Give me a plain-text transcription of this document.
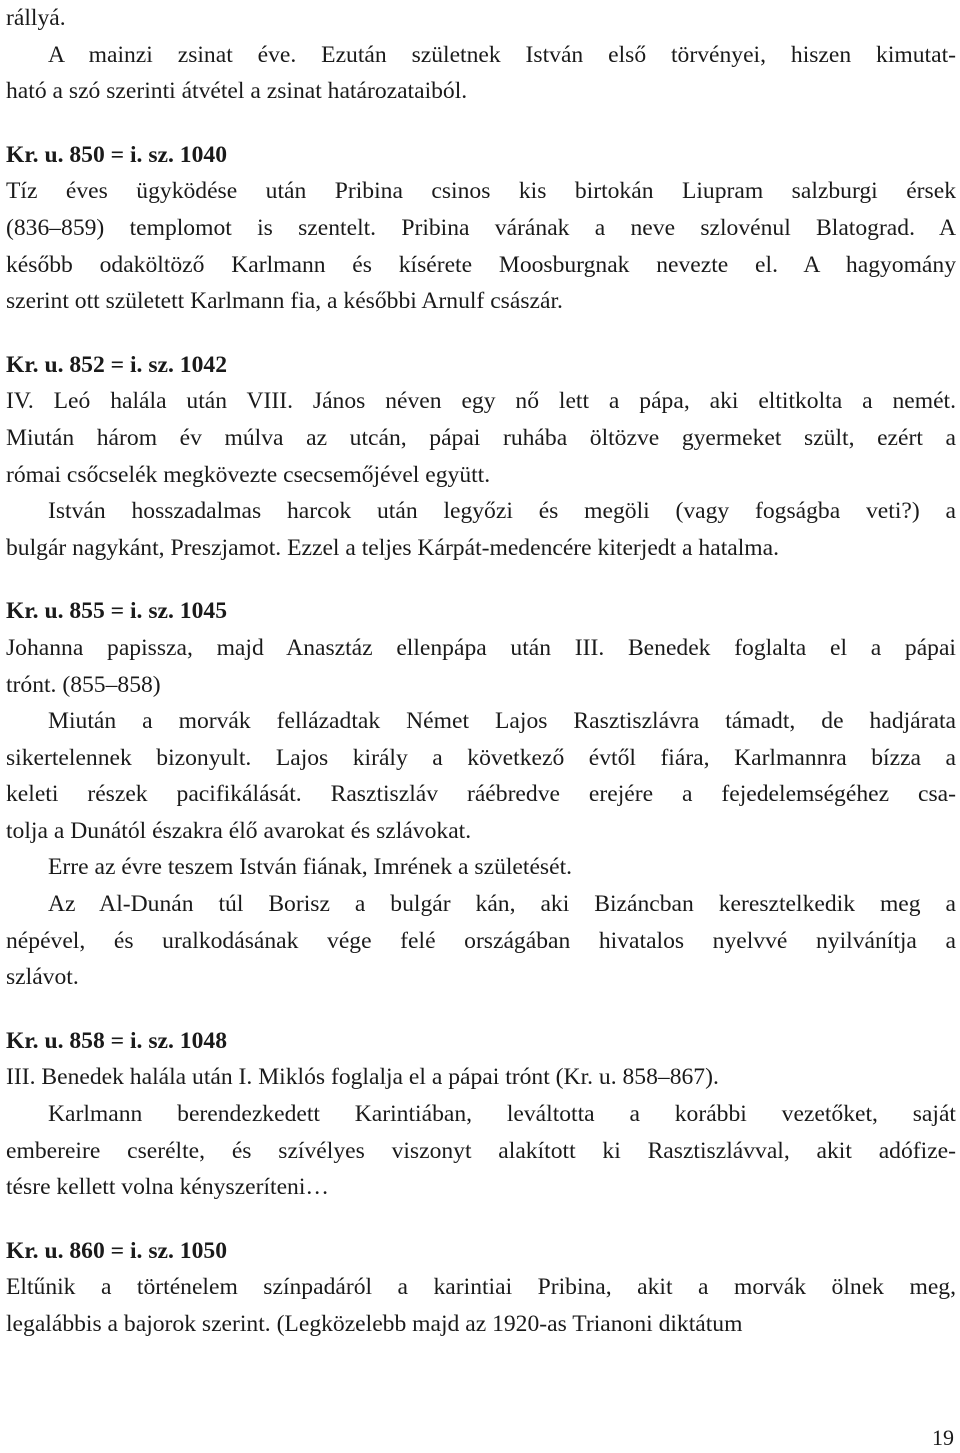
rállyá.
A mainzi zsinat éve. Ezután születnek István első törvényei, hiszen kimutat-
ható a szó szerinti átvétel a zsinat határozataiból.
Kr. u. 850 = i. sz. 1040
Tíz éves ügyködése után Pribina csinos kis birtokán Liupram salzburgi érsek
(836–859) templomot is szentelt. Pribina várának a neve szlovénul Blatograd. A
később odaköltöző Karlmann és kísérete Moosburgnak nevezte el. A hagyomány
szerint ott született Karlmann fia, a későbbi Arnulf császár.
Kr. u. 852 = i. sz. 1042
IV. Leó halála után VIII. János néven egy nő lett a pápa, aki eltitkolta a nemét.
Miután három év múlva az utcán, pápai ruhába öltözve gyermeket szült, ezért a
római csőcselék megkövezte csecsemőjével együtt.
István hosszadalmas harcok után legyőzi és megöli (vagy fogságba veti?) a
bulgár nagykánt, Preszjamot. Ezzel a teljes Kárpát-medencére kiterjedt a hatalma.
Kr. u. 855 = i. sz. 1045
Johanna papissza, majd Anasztáz ellenpápa után III. Benedek foglalta el a pápai
trónt. (855–858)
Miután a morvák fellázadtak Német Lajos Rasztiszlávra támadt, de hadjárata
sikertelennek bizonyult. Lajos király a következő évtől fiára, Karlmannra bízza a
keleti részek pacifikálását. Rasztiszláv ráébredve erejére a fejedelemségéhez csa-
tolja a Dunától északra élő avarokat és szlávokat.
Erre az évre teszem István fiának, Imrének a születését.
Az Al-Dunán túl Borisz a bulgár kán, aki Bizáncban keresztelkedik meg a
népével, és uralkodásának vége felé országában hivatalos nyelvvé nyilvánítja a
szlávot.
Kr. u. 858 = i. sz. 1048
III. Benedek halála után I. Miklós foglalja el a pápai trónt (Kr. u. 858–867).
Karlmann berendezkedett Karintiában, leváltotta a korábbi vezetőket, saját
embereire cserélte, és szívélyes viszonyt alakított ki Rasztiszlávval, akit adófize-
tésre kellett volna kényszeríteni…
Kr. u. 860 = i. sz. 1050
Eltűnik a történelem színpadáról a karintiai Pribina, akit a morvák ölnek meg,
legalábbis a bajorok szerint. (Legközelebb majd az 1920-as Trianoni diktátum
19
